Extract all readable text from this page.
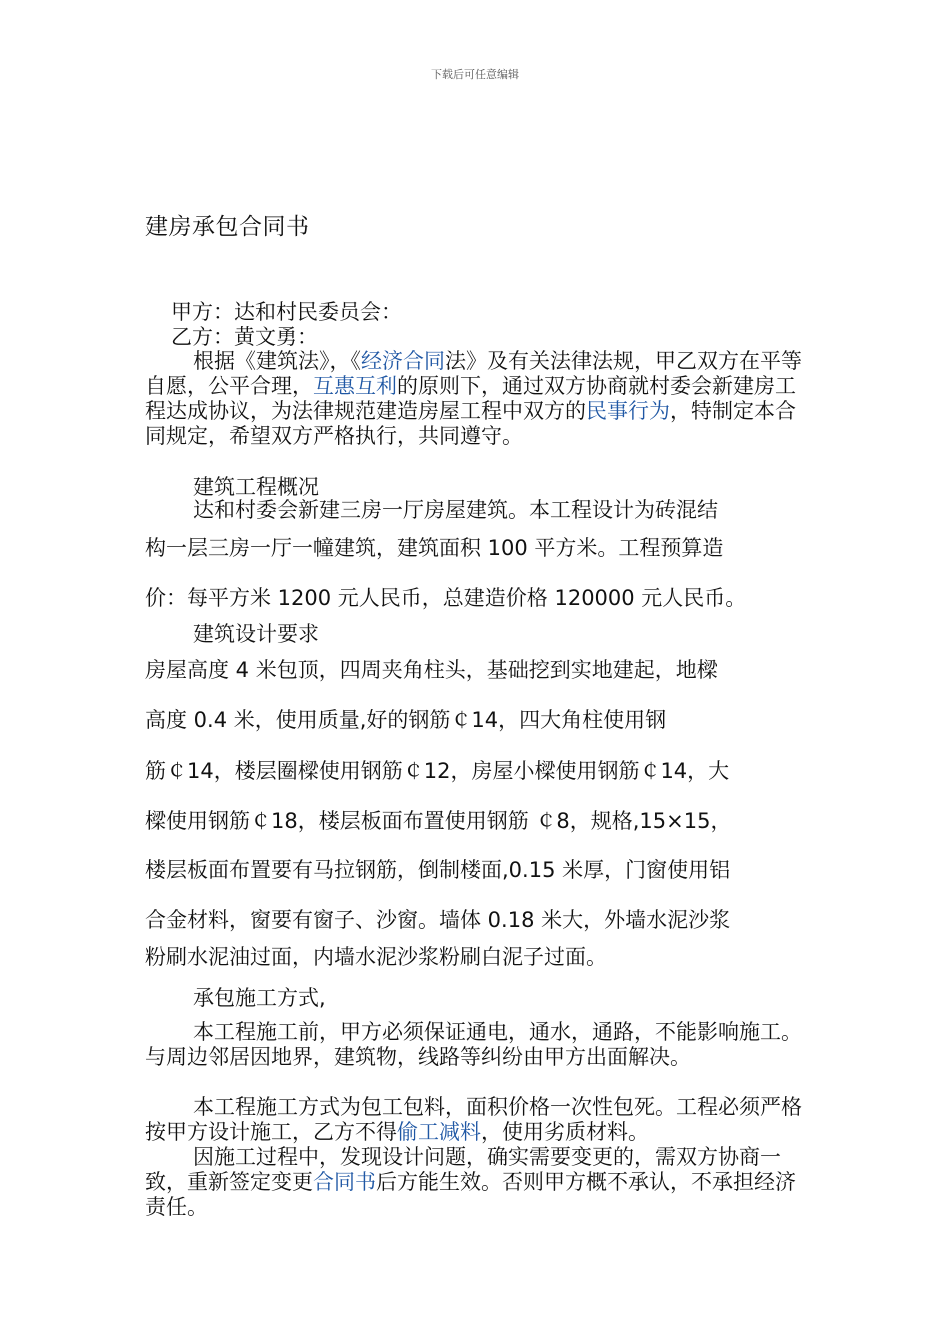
下载后可任意编辑
建房承包合同书

甲方：达和村民委员会：

乙方：黄文勇：

根据《建筑法》，《经济合同法》及有关法律法规，甲乙双方在平等自愿，公平合理，互惠互利的原则下，通过双方协商就村委会新建房工程达成协议，为法律规范建造房屋工程中双方的民事行为，特制定本合同规定，希望双方严格执行，共同遵守。

建筑工程概况

达和村委会新建三房一厅房屋建筑。本工程设计为砖混结
构一层三房一厅一幢建筑，建筑面积 100 平方米。工程预算造
价：每平方米 1200 元人民币，总建造价格 120000 元人民币。

建筑设计要求

房屋高度 4 米包顶，四周夹角柱头，基础挖到实地建起，地樑
高度 0.4 米，使用质量,好的钢筋￠14，四大角柱使用钢
筋￠14，楼层圈樑使用钢筋￠12，房屋小樑使用钢筋￠14，大
樑使用钢筋￠18，楼层板面布置使用钢筋 ￠8，规格,15×15，
楼层板面布置要有马拉钢筋，倒制楼面,0.15 米厚，门窗使用铝
合金材料，窗要有窗子、沙窗。墙体 0.18 米大，外墙水泥沙浆
粉刷水泥油过面，内墙水泥沙浆粉刷白泥子过面。

承包施工方式,

本工程施工前，甲方必须保证通电，通水，通路，不能影响施工。与周边邻居因地界，建筑物，线路等纠纷由甲方出面解决。

本工程施工方式为包工包料，面积价格一次性包死。工程必须严格按甲方设计施工，乙方不得偷工减料，使用劣质材料。

因施工过程中，发现设计问题，确实需要变更的，需双方协商一致，重新签定变更合同书后方能生效。否则甲方概不承认，不承担经济责任。
